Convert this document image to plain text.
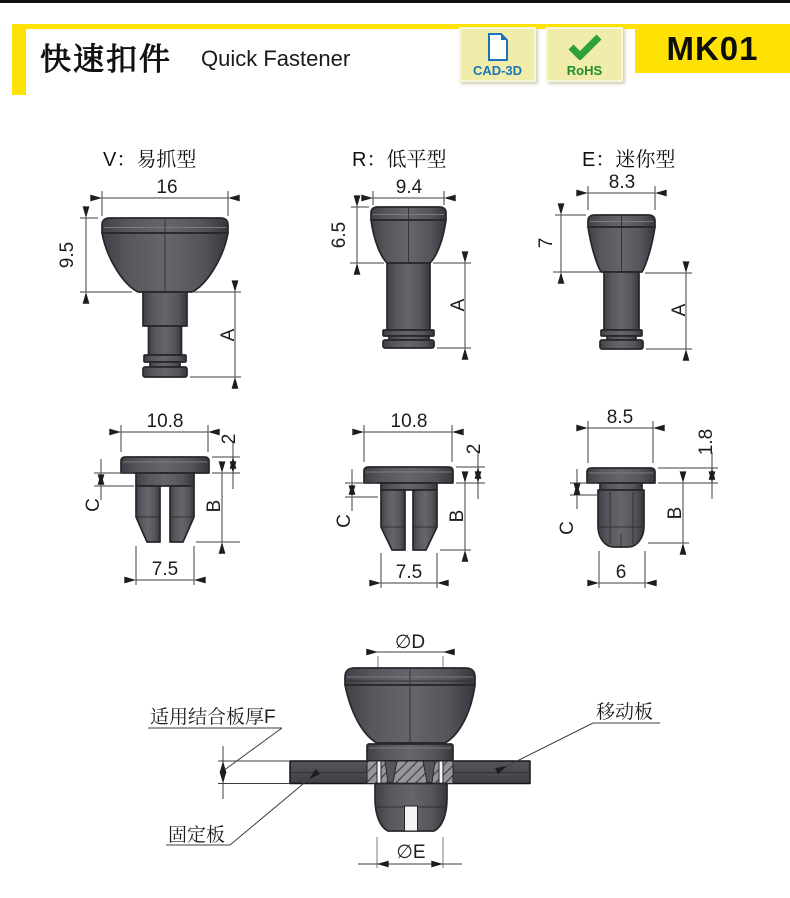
快速扣件 Quick Fastener	CAD-3D	RoHS
MK01
V：易抓型	R：低平型	E：迷你型
16
9.5
A
9.4
6.5
A
8.3
7
A
10.8
7.5
2
B
C
10.8
7.5
2
B
C
8.5
6
1.8
B
C
∅D
∅E
适用结合板厚F	移动板
固定板
